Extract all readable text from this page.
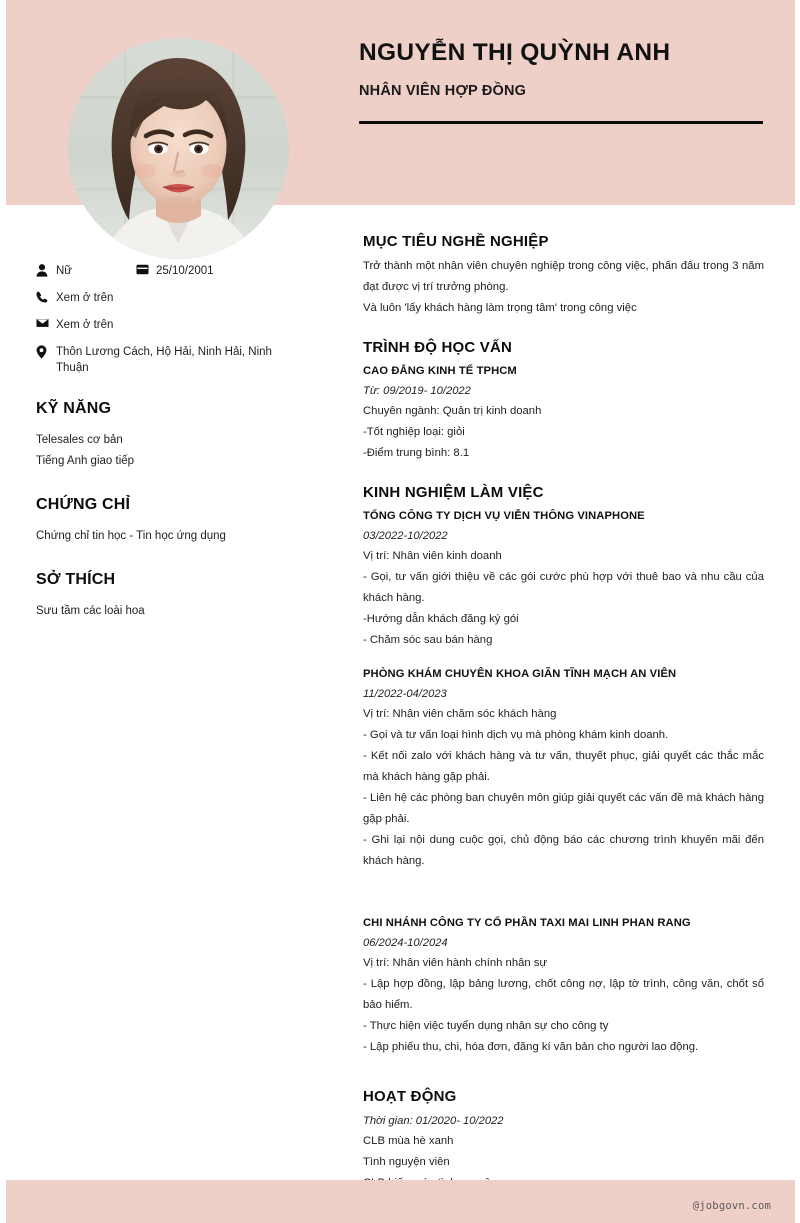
NGUYỄN THỊ QUỲNH ANH
NHÂN VIÊN HỢP ĐỒNG
Nữ	25/10/2001
Xem ở trên
Xem ở trên
Thôn Lương Cách, Hộ Hải, Ninh Hải, Ninh Thuận
KỸ NĂNG
Telesales cơ bản
Tiếng Anh giao tiếp
CHỨNG CHỈ
Chứng chỉ tin học - Tin học ứng dụng
SỞ THÍCH
Sưu tầm các loài hoa
MỤC TIÊU NGHỀ NGHIỆP
Trở thành một nhân viên chuyên nghiệp trong công việc, phấn đấu trong 3 năm đạt được vị trí trưởng phòng.
Và luôn 'lấy khách hàng làm trọng tâm' trong công việc
TRÌNH ĐỘ HỌC VẤN
CAO ĐẲNG KINH TẾ TPHCM
Từ: 09/2019- 10/2022
Chuyên ngành: Quản trị kinh doanh
-Tốt nghiệp loại: giỏi
-Điểm trung bình: 8.1
KINH NGHIỆM LÀM VIỆC
TỔNG CÔNG TY DỊCH VỤ VIỄN THÔNG VINAPHONE
03/2022-10/2022
Vị trí: Nhân viên kinh doanh
- Gọi, tư vấn giới thiệu về các gói cước phù hợp với thuê bao và nhu cầu của khách hàng.
-Hướng dẫn khách đăng ký gói
- Chăm sóc sau bán hàng
PHÒNG KHÁM CHUYÊN KHOA GIÃN TĨNH MẠCH AN VIÊN
11/2022-04/2023
Vị trí: Nhân viên chăm sóc khách hàng
- Gọi và tư vấn loại hình dịch vụ mà phòng khám kinh doanh.
- Kết nối zalo với khách hàng và tư vấn, thuyết phục, giải quyết các thắc mắc mà khách hàng gặp phải.
- Liên hệ các phòng ban chuyên môn giúp giải quyết các vấn đề mà khách hàng gặp phải.
- Ghi lại nội dung cuộc gọi, chủ động báo các chương trình khuyến mãi đến khách hàng.
CHI NHÁNH CÔNG TY CỔ PHẦN TAXI MAI LINH PHAN RANG
06/2024-10/2024
Vị trí: Nhân viên hành chính nhân sự
- Lập hợp đồng, lập bảng lương, chốt công nợ, lập tờ trình, công văn, chốt sổ bảo hiểm.
- Thực hiện việc tuyển dụng nhân sự cho công ty
- Lập phiếu thu, chi, hóa đơn, đăng kí văn bản cho người lao động.
HOẠT ĐỘNG
Thời gian: 01/2020- 10/2022
CLB mùa hè xanh
Tình nguyện viên
@jobgovn.com
